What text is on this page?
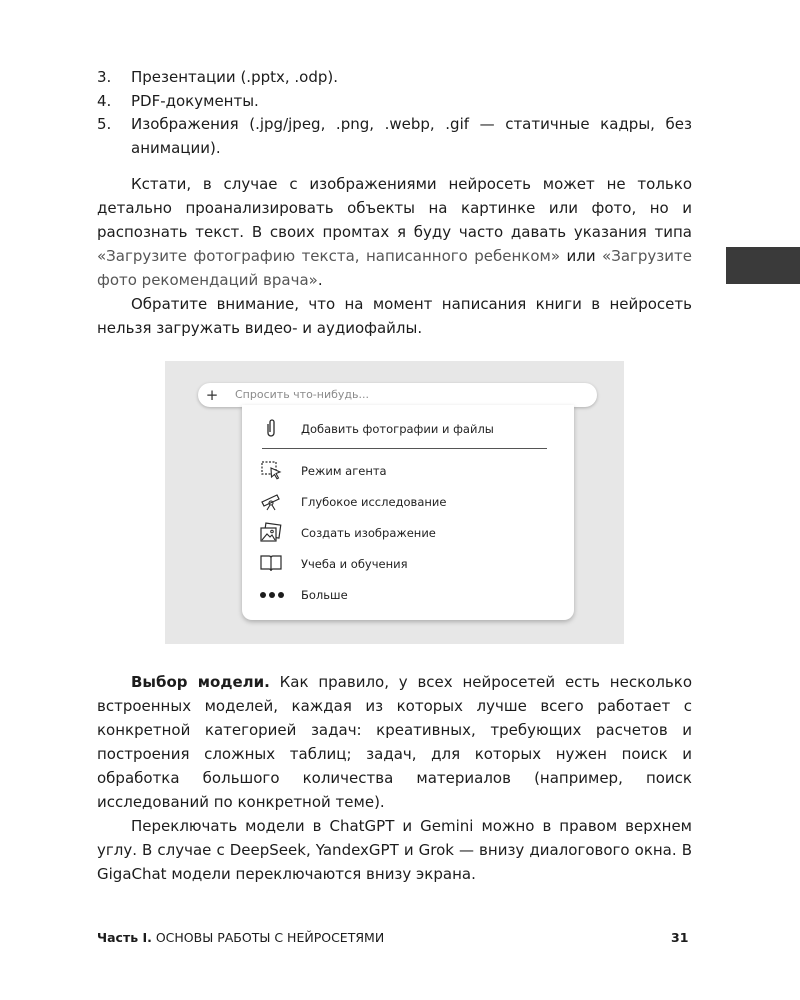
3. Презентации (.pptx, .odp).
4. PDF-документы.
5. Изображения (.jpg/jpeg, .png, .webp, .gif — статичные кадры, без анимации).

Кстати, в случае с изображениями нейросеть может не только детально проанализировать объекты на картинке или фото, но и распознать текст. В своих промтах я буду часто давать указания типа «Загрузите фотографию текста, написанного ребенком» или «Загрузите фото рекомендаций врача».

Обратите внимание, что на момент написания книги в нейросеть нельзя загружать видео- и аудиофайлы.

+ Спросить что-нибудь...
Добавить фотографии и файлы
Режим агента
Глубокое исследование
Создать изображение
Учеба и обучения
Больше

Выбор модели. Как правило, у всех нейросетей есть несколько встроенных моделей, каждая из которых лучше всего работает с конкретной категорией задач: креативных, требующих расчетов и построения сложных таблиц; задач, для которых нужен поиск и обработка большого количества материалов (например, поиск исследований по конкретной теме).

Переключать модели в ChatGPT и Gemini можно в правом верхнем углу. В случае с DeepSeek, YandexGPT и Grok — внизу диалогового окна. В GigaChat модели переключаются внизу экрана.

Часть I. ОСНОВЫ РАБОТЫ С НЕЙРОСЕТЯМИ	31
